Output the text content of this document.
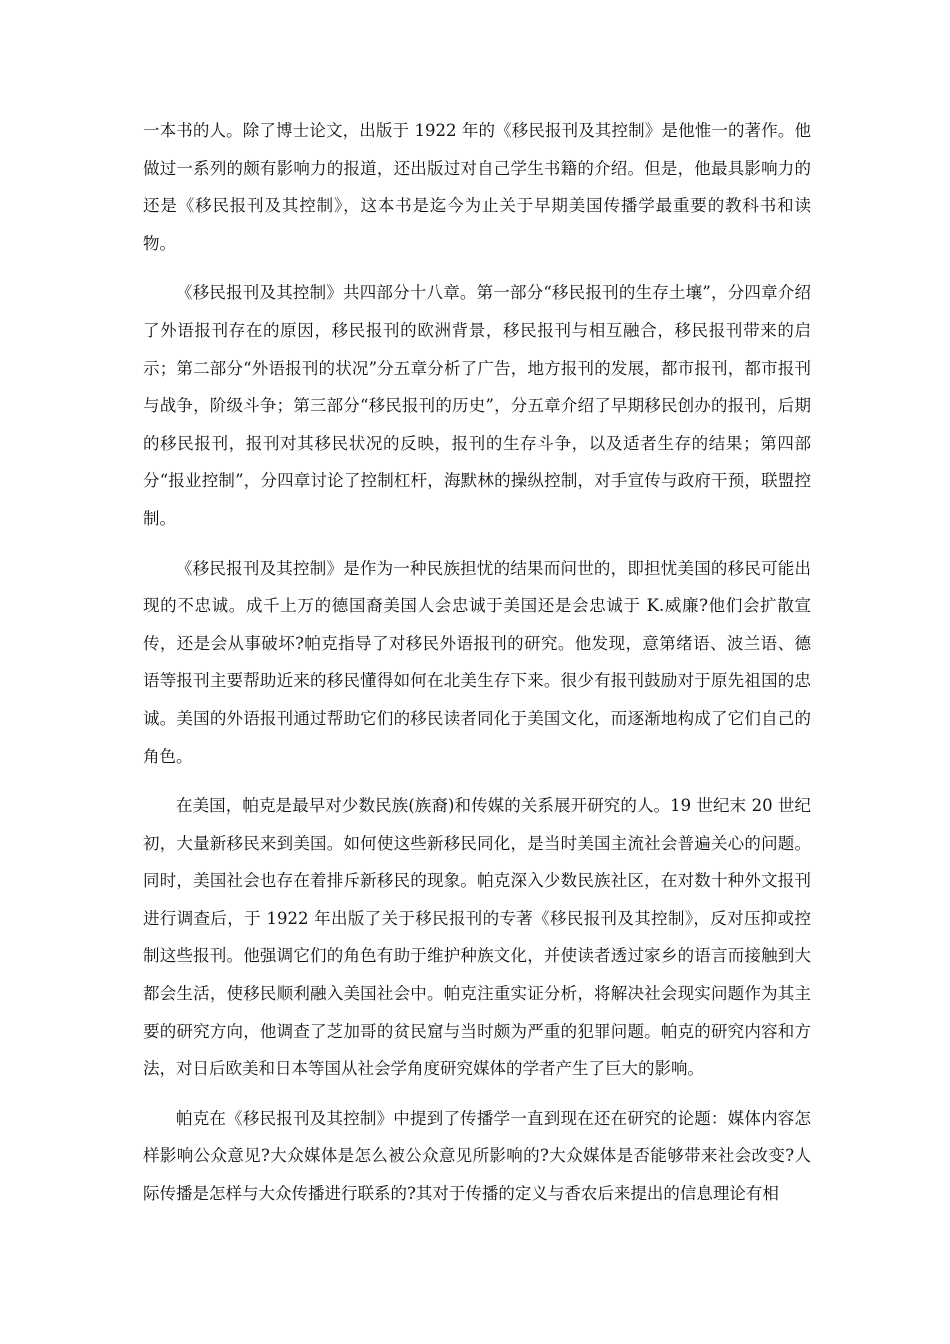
一本书的人。除了博士论文，出版于 1922 年的《移民报刊及其控制》是他惟一的著作。他做过一系列的颇有影响力的报道，还出版过对自己学生书籍的介绍。但是，他最具影响力的还是《移民报刊及其控制》，这本书是迄今为止关于早期美国传播学最重要的教科书和读物。

《移民报刊及其控制》共四部分十八章。第一部分“移民报刊的生存土壤”，分四章介绍了外语报刊存在的原因，移民报刊的欧洲背景，移民报刊与相互融合，移民报刊带来的启示；第二部分“外语报刊的状况”分五章分析了广告，地方报刊的发展，都市报刊，都市报刊与战争，阶级斗争；第三部分“移民报刊的历史”，分五章介绍了早期移民创办的报刊，后期的移民报刊，报刊对其移民状况的反映，报刊的生存斗争，以及适者生存的结果；第四部分“报业控制”，分四章讨论了控制杠杆，海默林的操纵控制，对手宣传与政府干预，联盟控制。

《移民报刊及其控制》是作为一种民族担忧的结果而问世的，即担忧美国的移民可能出现的不忠诚。成千上万的德国裔美国人会忠诚于美国还是会忠诚于 K.威廉?他们会扩散宣传，还是会从事破坏?帕克指导了对移民外语报刊的研究。他发现，意第绪语、波兰语、德语等报刊主要帮助近来的移民懂得如何在北美生存下来。很少有报刊鼓励对于原先祖国的忠诚。美国的外语报刊通过帮助它们的移民读者同化于美国文化，而逐渐地构成了它们自己的角色。

在美国，帕克是最早对少数民族(族裔)和传媒的关系展开研究的人。19 世纪末 20 世纪初，大量新移民来到美国。如何使这些新移民同化，是当时美国主流社会普遍关心的问题。同时，美国社会也存在着排斥新移民的现象。帕克深入少数民族社区，在对数十种外文报刊进行调查后，于 1922 年出版了关于移民报刊的专著《移民报刊及其控制》，反对压抑或控制这些报刊。他强调它们的角色有助于维护种族文化，并使读者透过家乡的语言而接触到大都会生活，使移民顺利融入美国社会中。帕克注重实证分析，将解决社会现实问题作为其主要的研究方向，他调查了芝加哥的贫民窟与当时颇为严重的犯罪问题。帕克的研究内容和方法，对日后欧美和日本等国从社会学角度研究媒体的学者产生了巨大的影响。

帕克在《移民报刊及其控制》中提到了传播学一直到现在还在研究的论题：媒体内容怎样影响公众意见?大众媒体是怎么被公众意见所影响的?大众媒体是否能够带来社会改变?人际传播是怎样与大众传播进行联系的?其对于传播的定义与香农后来提出的信息理论有相
